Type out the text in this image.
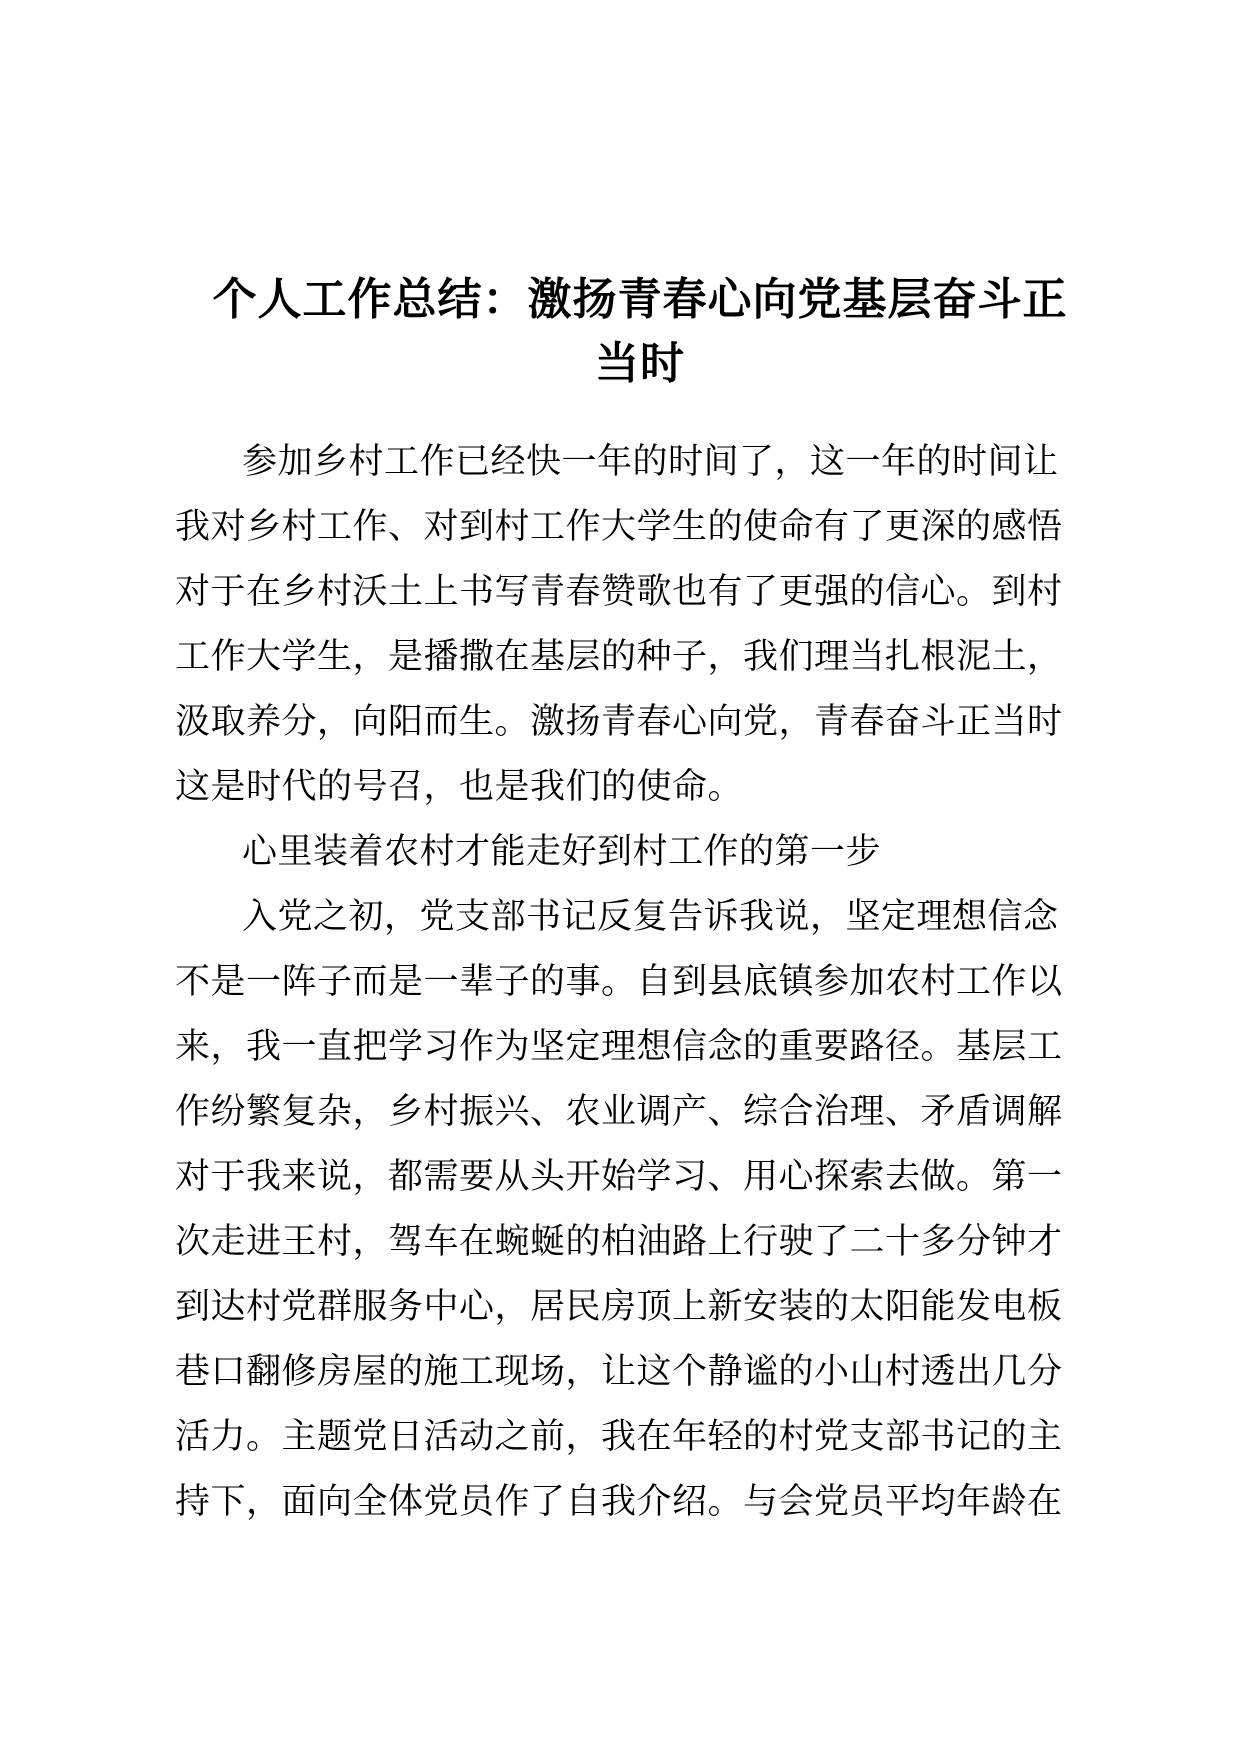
个人工作总结：激扬青春心向党基层奋斗正
当时
参加乡村工作已经快一年的时间了，这一年的时间让
我对乡村工作、对到村工作大学生的使命有了更深的感悟
对于在乡村沃土上书写青春赞歌也有了更强的信心。到村
工作大学生，是播撒在基层的种子，我们理当扎根泥土，
汲取养分，向阳而生。激扬青春心向党，青春奋斗正当时
这是时代的号召，也是我们的使命。
心里装着农村才能走好到村工作的第一步
入党之初，党支部书记反复告诉我说，坚定理想信念
不是一阵子而是一辈子的事。自到县底镇参加农村工作以
来，我一直把学习作为坚定理想信念的重要路径。基层工
作纷繁复杂，乡村振兴、农业调产、综合治理、矛盾调解
对于我来说，都需要从头开始学习、用心探索去做。第一
次走进王村，驾车在蜿蜒的柏油路上行驶了二十多分钟才
到达村党群服务中心，居民房顶上新安装的太阳能发电板
巷口翻修房屋的施工现场，让这个静谧的小山村透出几分
活力。主题党日活动之前，我在年轻的村党支部书记的主
持下，面向全体党员作了自我介绍。与会党员平均年龄在
